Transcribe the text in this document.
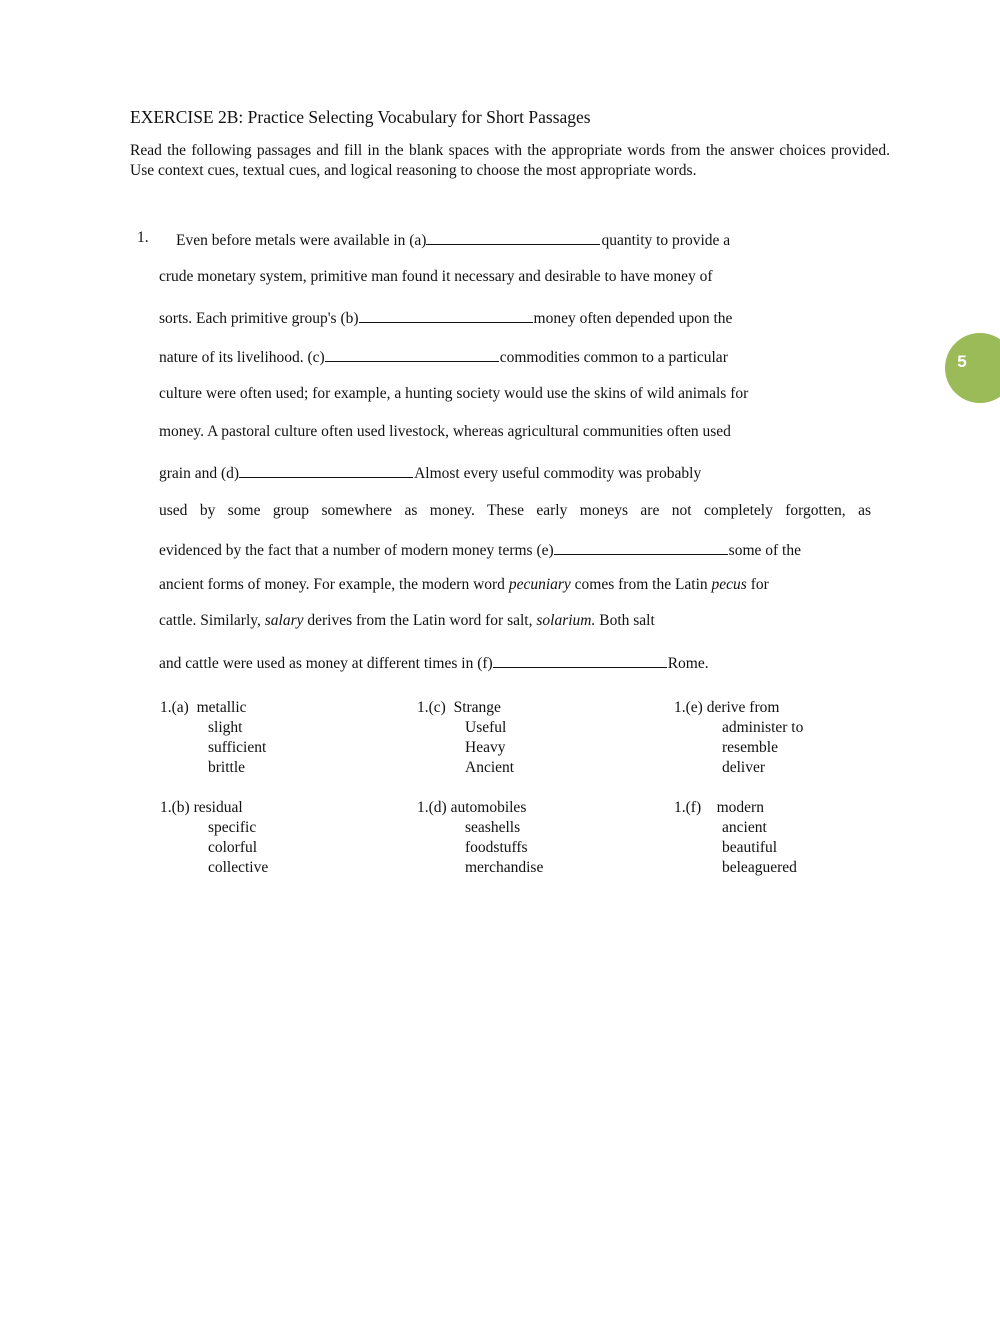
EXERCISE 2B: Practice Selecting Vocabulary for Short Passages

Read the following passages and fill in the blank spaces with the appropriate words from the answer choices provided. Use context cues, textual cues, and logical reasoning to choose the most appropriate words.

5
1. Even before metals were available in (a)	quantity to provide a
crude monetary system, primitive man found it necessary and desirable to have money of
sorts. Each primitive group's (b)	money often depended upon the
nature of its livelihood. (c)	commodities common to a particular
culture were often used; for example, a hunting society would use the skins of wild animals for
money. A pastoral culture often used livestock, whereas agricultural communities often used
grain and (d)	Almost every useful commodity was probably
used by some group somewhere as money. These early moneys are not completely forgotten, as
evidenced by the fact that a number of modern money terms (e)	some of the
ancient forms of money. For example, the modern word pecuniary comes from the Latin pecus for
cattle. Similarly, salary derives from the Latin word for salt, solarium. Both salt
and cattle were used as money at different times in (f)	Rome.
1.(a) metallic
slight
sufficient
brittle
1.(b) residual
specific
colorful
collective
1.(c) Strange
Useful
Heavy
Ancient
1.(d) automobiles
seashells
foodstuffs
merchandise
1.(e) derive from
administer to
resemble
deliver
1.(f) modern
ancient
beautiful
beleaguered
